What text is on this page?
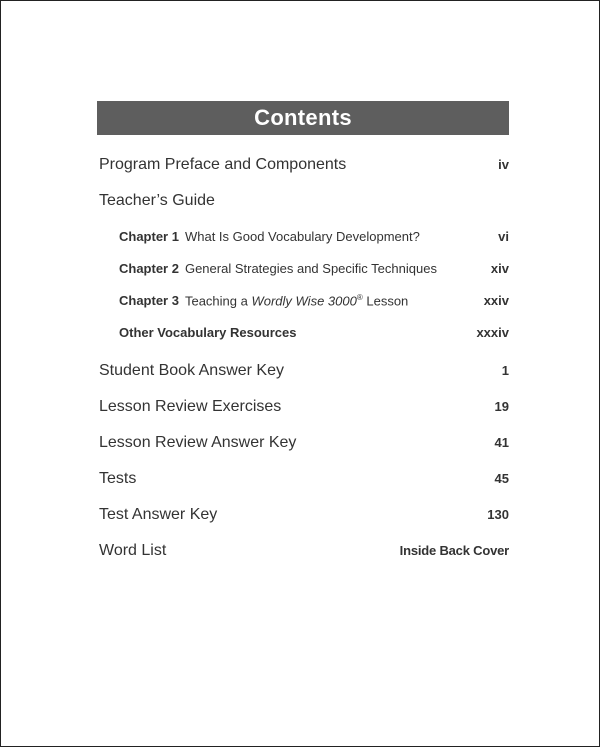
Contents
Program Preface and Components	iv
Teacher’s Guide
Chapter 1 What Is Good Vocabulary Development?	vi
Chapter 2 General Strategies and Specific Techniques	xiv
Chapter 3 Teaching a Wordly Wise 3000® Lesson	xxiv
Other Vocabulary Resources	xxxiv
Student Book Answer Key	1
Lesson Review Exercises	19
Lesson Review Answer Key	41
Tests	45
Test Answer Key	130
Word List	Inside Back Cover
